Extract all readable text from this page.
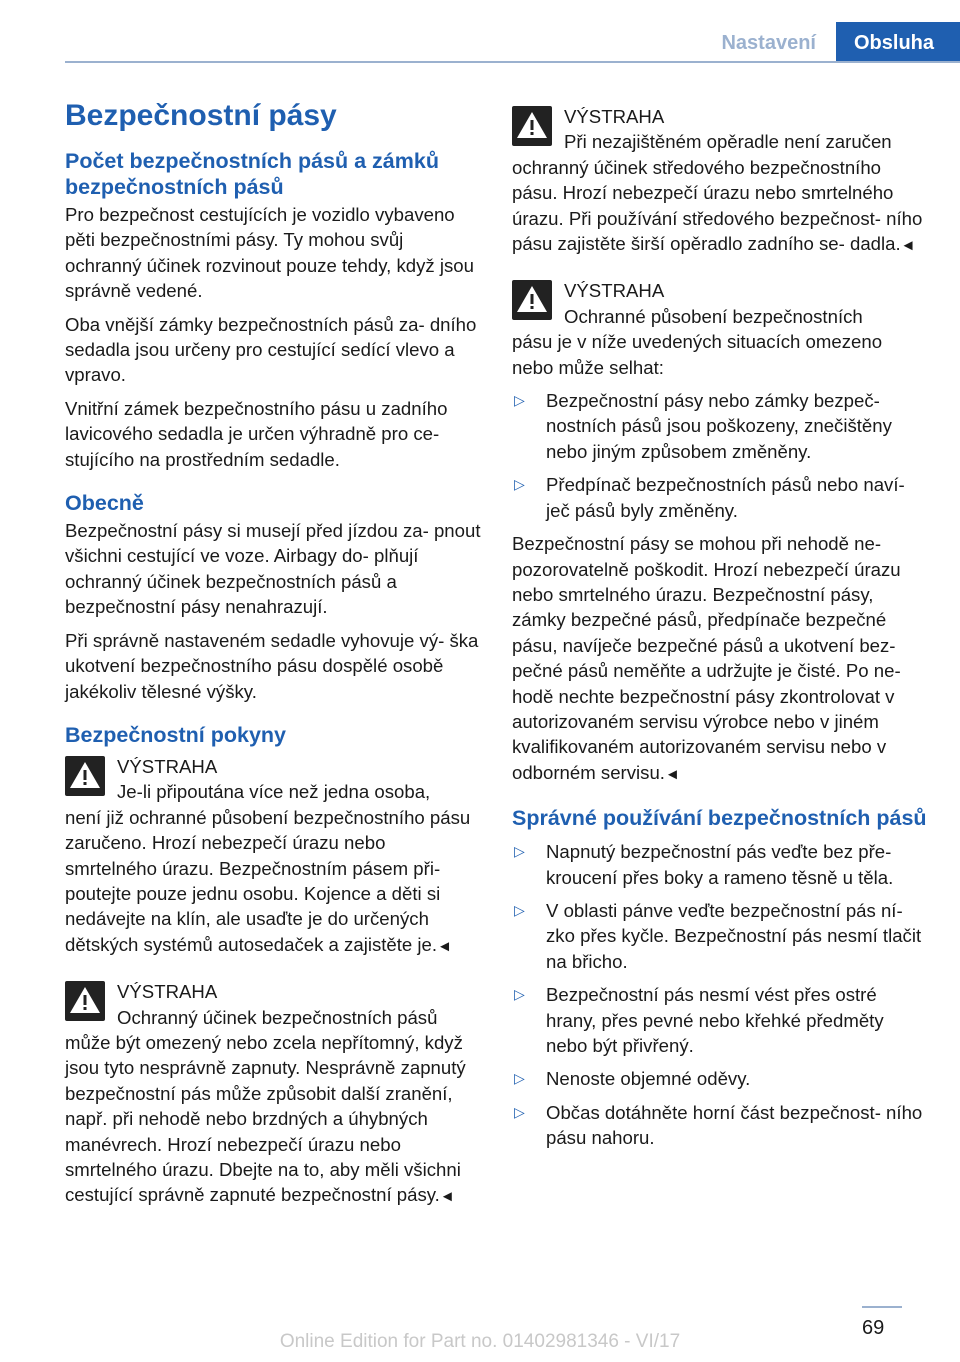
Nastavení	Obsluha
Bezpečnostní pásy
Počet bezpečnostních pásů a zámků bezpečnostních pásů

Pro bezpečnost cestujících je vozidlo vybaveno pěti bezpečnostními pásy. Ty mohou svůj ochranný účinek rozvinout pouze tehdy, když jsou správně vedené.

Oba vnější zámky bezpečnostních pásů za- dního sedadla jsou určeny pro cestující sedící vlevo a vpravo.

Vnitřní zámek bezpečnostního pásu u zadního lavicového sedadla je určen výhradně pro ce- stujícího na prostředním sedadle.

Obecně

Bezpečnostní pásy si musejí před jízdou za- pnout všichni cestující ve voze. Airbagy do- plňují ochranný účinek bezpečnostních pásů a bezpečnostní pásy nenahrazují.

Při správně nastaveném sedadle vyhovuje vý- ška ukotvení bezpečnostního pásu dospělé osobě jakékoliv tělesné výšky.

Bezpečnostní pokyny
VÝSTRAHA
Je-li připoutána více než jedna osoba,
není již ochranné působení bezpečnostního pásu zaručeno. Hrozí nebezpečí úrazu nebo smrtelného úrazu. Bezpečnostním pásem při- poutejte pouze jednu osobu. Kojence a děti si nedávejte na klín, ale usaďte je do určených dětských systémů autosedaček a zajistěte je.◄
VÝSTRAHA
Ochranný účinek bezpečnostních pásů
může být omezený nebo zcela nepřítomný, když jsou tyto nesprávně zapnuty. Nesprávně zapnutý bezpečnostní pás může způsobit další zranění, např. při nehodě nebo brzdných a úhybných manévrech. Hrozí nebezpečí úrazu nebo smrtelného úrazu. Dbejte na to, aby měli všichni cestující správně zapnuté bezpečnostní pásy.◄
VÝSTRAHA
Při nezajištěném opěradle není zaručen
ochranný účinek středového bezpečnostního pásu. Hrozí nebezpečí úrazu nebo smrtelného úrazu. Při používání středového bezpečnost- ního pásu zajistěte širší opěradlo zadního se- dadla.◄
VÝSTRAHA
Ochranné působení bezpečnostních
pásu je v níže uvedených situacích omezeno nebo může selhat:
▷ Bezpečnostní pásy nebo zámky bezpeč- nostních pásů jsou poškozeny, znečištěny nebo jiným způsobem změněny.
▷ Předpínač bezpečnostních pásů nebo naví- ječ pásů byly změněny.

Bezpečnostní pásy se mohou při nehodě ne- pozorovatelně poškodit. Hrozí nebezpečí úrazu nebo smrtelného úrazu. Bezpečnostní pásy, zámky bezpečné pásů, předpínače bezpečné pásu, navíječe bezpečné pásů a ukotvení bez- pečné pásů neměňte a udržujte je čisté. Po ne- hodě nechte bezpečnostní pásy zkontrolovat v autorizovaném servisu výrobce nebo v jiném kvalifikovaném autorizovaném servisu nebo v odborném servisu.◄

Správné používání bezpečnostních pásů
▷ Napnutý bezpečnostní pás veďte bez pře- kroucení přes boky a rameno těsně u těla.
▷ V oblasti pánve veďte bezpečnostní pás ní- zko přes kyčle. Bezpečnostní pás nesmí tlačit na břicho.
▷ Bezpečnostní pás nesmí vést přes ostré hrany, přes pevné nebo křehké předměty nebo být přivřený.
▷ Nenoste objemné oděvy.
▷ Občas dotáhněte horní část bezpečnost- ního pásu nahoru.
69
Online Edition for Part no. 01402981346 - VI/17
